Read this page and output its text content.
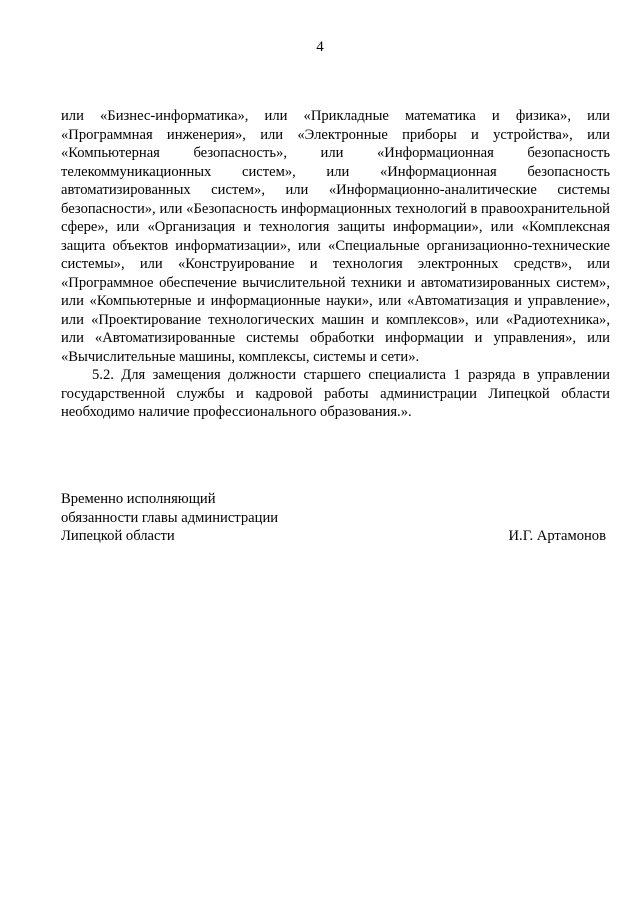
4

или «Бизнес-информатика», или «Прикладные математика и физика», или «Программная инженерия», или «Электронные приборы и устройства», или «Компьютерная безопасность», или «Информационная безопасность телекоммуникационных систем», или «Информационная безопасность автоматизированных систем», или «Информационно-аналитические системы безопасности», или «Безопасность информационных технологий в правоохранительной сфере», или «Организация и технология защиты информации», или «Комплексная защита объектов информатизации», или «Специальные организационно-технические системы», или «Конструирование и технология электронных средств», или «Программное обеспечение вычислительной техники и автоматизированных систем», или «Компьютерные и информационные науки», или «Автоматизация и управление», или «Проектирование технологических машин и комплексов», или «Радиотехника», или «Автоматизированные системы обработки информации и управления», или «Вычислительные машины, комплексы, системы и сети».

5.2. Для замещения должности старшего специалиста 1 разряда в управлении государственной службы и кадровой работы администрации Липецкой области необходимо наличие профессионального образования.».

Временно исполняющий
обязанности главы администрации
Липецкой области	И.Г. Артамонов
